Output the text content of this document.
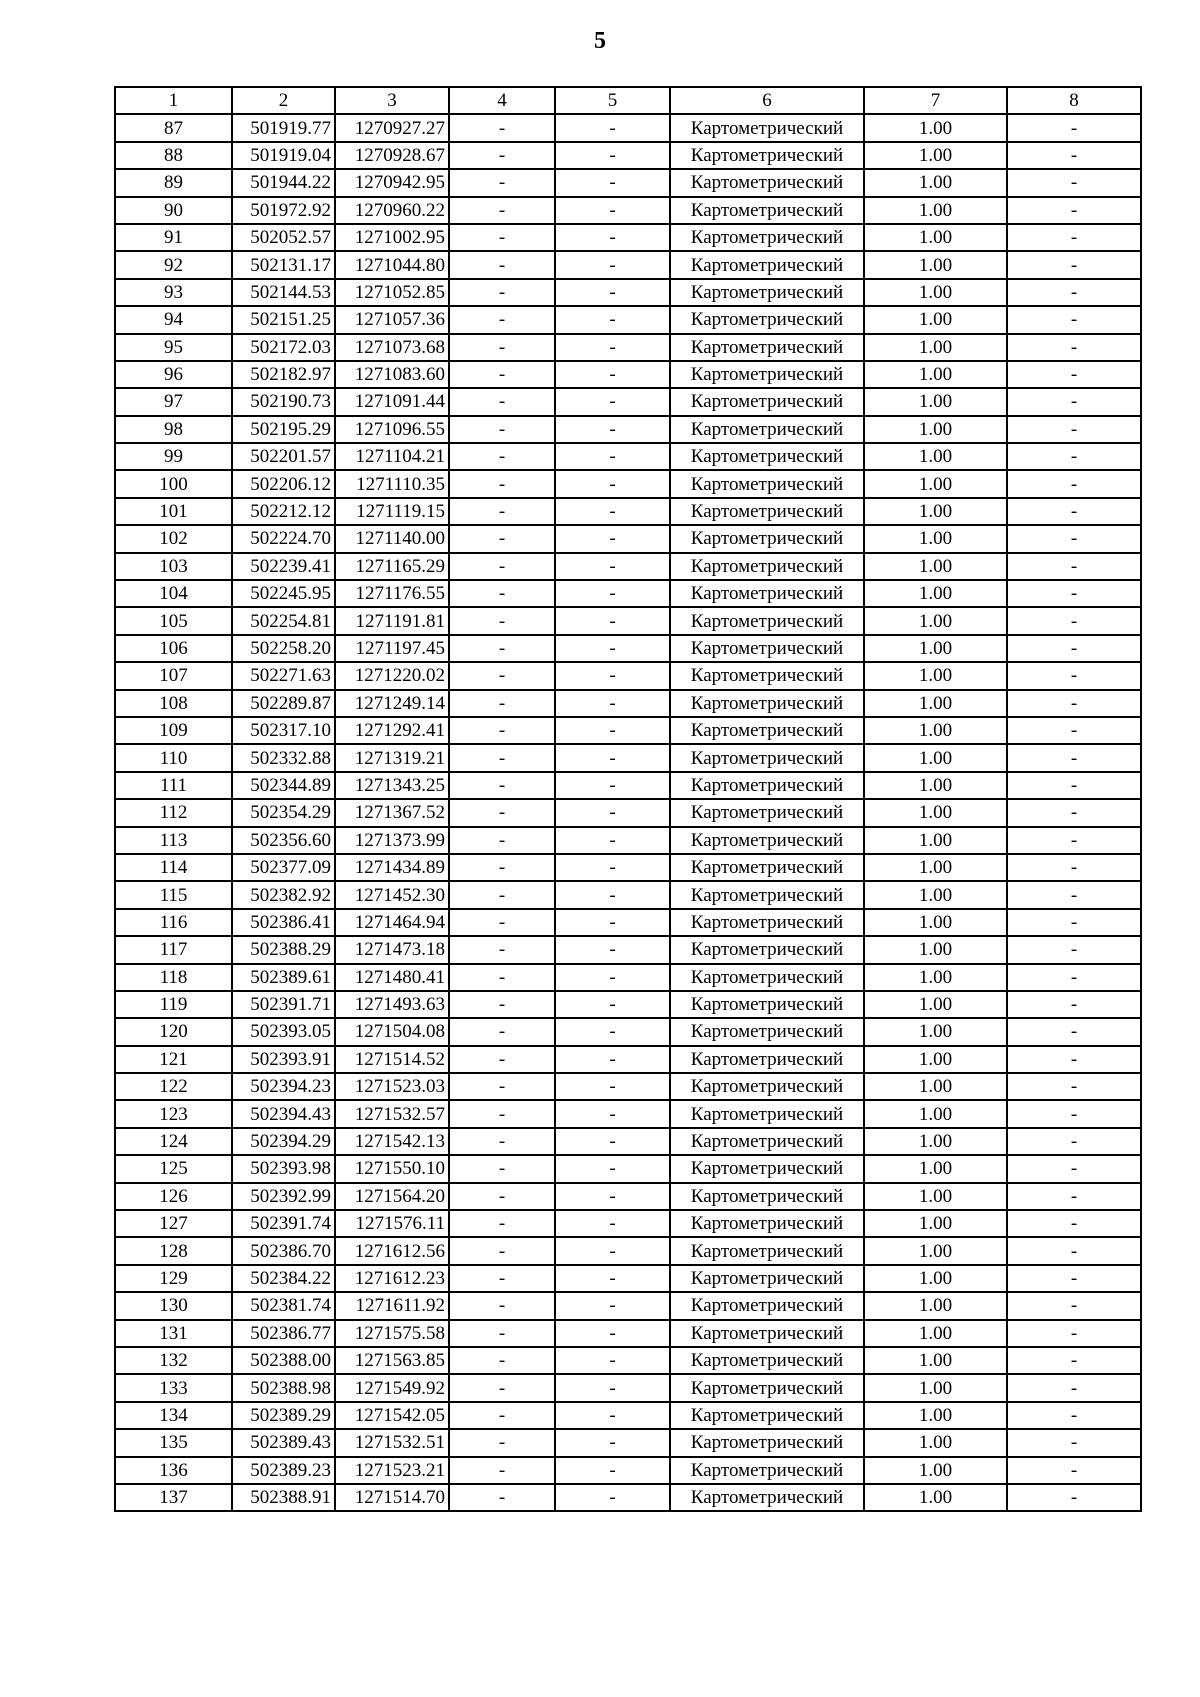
5
1	2	3	4	5	6	7	8
87	501919.77	1270927.27	-	-	Картометрический	1.00	-
88	501919.04	1270928.67	-	-	Картометрический	1.00	-
89	501944.22	1270942.95	-	-	Картометрический	1.00	-
90	501972.92	1270960.22	-	-	Картометрический	1.00	-
91	502052.57	1271002.95	-	-	Картометрический	1.00	-
92	502131.17	1271044.80	-	-	Картометрический	1.00	-
93	502144.53	1271052.85	-	-	Картометрический	1.00	-
94	502151.25	1271057.36	-	-	Картометрический	1.00	-
95	502172.03	1271073.68	-	-	Картометрический	1.00	-
96	502182.97	1271083.60	-	-	Картометрический	1.00	-
97	502190.73	1271091.44	-	-	Картометрический	1.00	-
98	502195.29	1271096.55	-	-	Картометрический	1.00	-
99	502201.57	1271104.21	-	-	Картометрический	1.00	-
100	502206.12	1271110.35	-	-	Картометрический	1.00	-
101	502212.12	1271119.15	-	-	Картометрический	1.00	-
102	502224.70	1271140.00	-	-	Картометрический	1.00	-
103	502239.41	1271165.29	-	-	Картометрический	1.00	-
104	502245.95	1271176.55	-	-	Картометрический	1.00	-
105	502254.81	1271191.81	-	-	Картометрический	1.00	-
106	502258.20	1271197.45	-	-	Картометрический	1.00	-
107	502271.63	1271220.02	-	-	Картометрический	1.00	-
108	502289.87	1271249.14	-	-	Картометрический	1.00	-
109	502317.10	1271292.41	-	-	Картометрический	1.00	-
110	502332.88	1271319.21	-	-	Картометрический	1.00	-
111	502344.89	1271343.25	-	-	Картометрический	1.00	-
112	502354.29	1271367.52	-	-	Картометрический	1.00	-
113	502356.60	1271373.99	-	-	Картометрический	1.00	-
114	502377.09	1271434.89	-	-	Картометрический	1.00	-
115	502382.92	1271452.30	-	-	Картометрический	1.00	-
116	502386.41	1271464.94	-	-	Картометрический	1.00	-
117	502388.29	1271473.18	-	-	Картометрический	1.00	-
118	502389.61	1271480.41	-	-	Картометрический	1.00	-
119	502391.71	1271493.63	-	-	Картометрический	1.00	-
120	502393.05	1271504.08	-	-	Картометрический	1.00	-
121	502393.91	1271514.52	-	-	Картометрический	1.00	-
122	502394.23	1271523.03	-	-	Картометрический	1.00	-
123	502394.43	1271532.57	-	-	Картометрический	1.00	-
124	502394.29	1271542.13	-	-	Картометрический	1.00	-
125	502393.98	1271550.10	-	-	Картометрический	1.00	-
126	502392.99	1271564.20	-	-	Картометрический	1.00	-
127	502391.74	1271576.11	-	-	Картометрический	1.00	-
128	502386.70	1271612.56	-	-	Картометрический	1.00	-
129	502384.22	1271612.23	-	-	Картометрический	1.00	-
130	502381.74	1271611.92	-	-	Картометрический	1.00	-
131	502386.77	1271575.58	-	-	Картометрический	1.00	-
132	502388.00	1271563.85	-	-	Картометрический	1.00	-
133	502388.98	1271549.92	-	-	Картометрический	1.00	-
134	502389.29	1271542.05	-	-	Картометрический	1.00	-
135	502389.43	1271532.51	-	-	Картометрический	1.00	-
136	502389.23	1271523.21	-	-	Картометрический	1.00	-
137	502388.91	1271514.70	-	-	Картометрический	1.00	-
